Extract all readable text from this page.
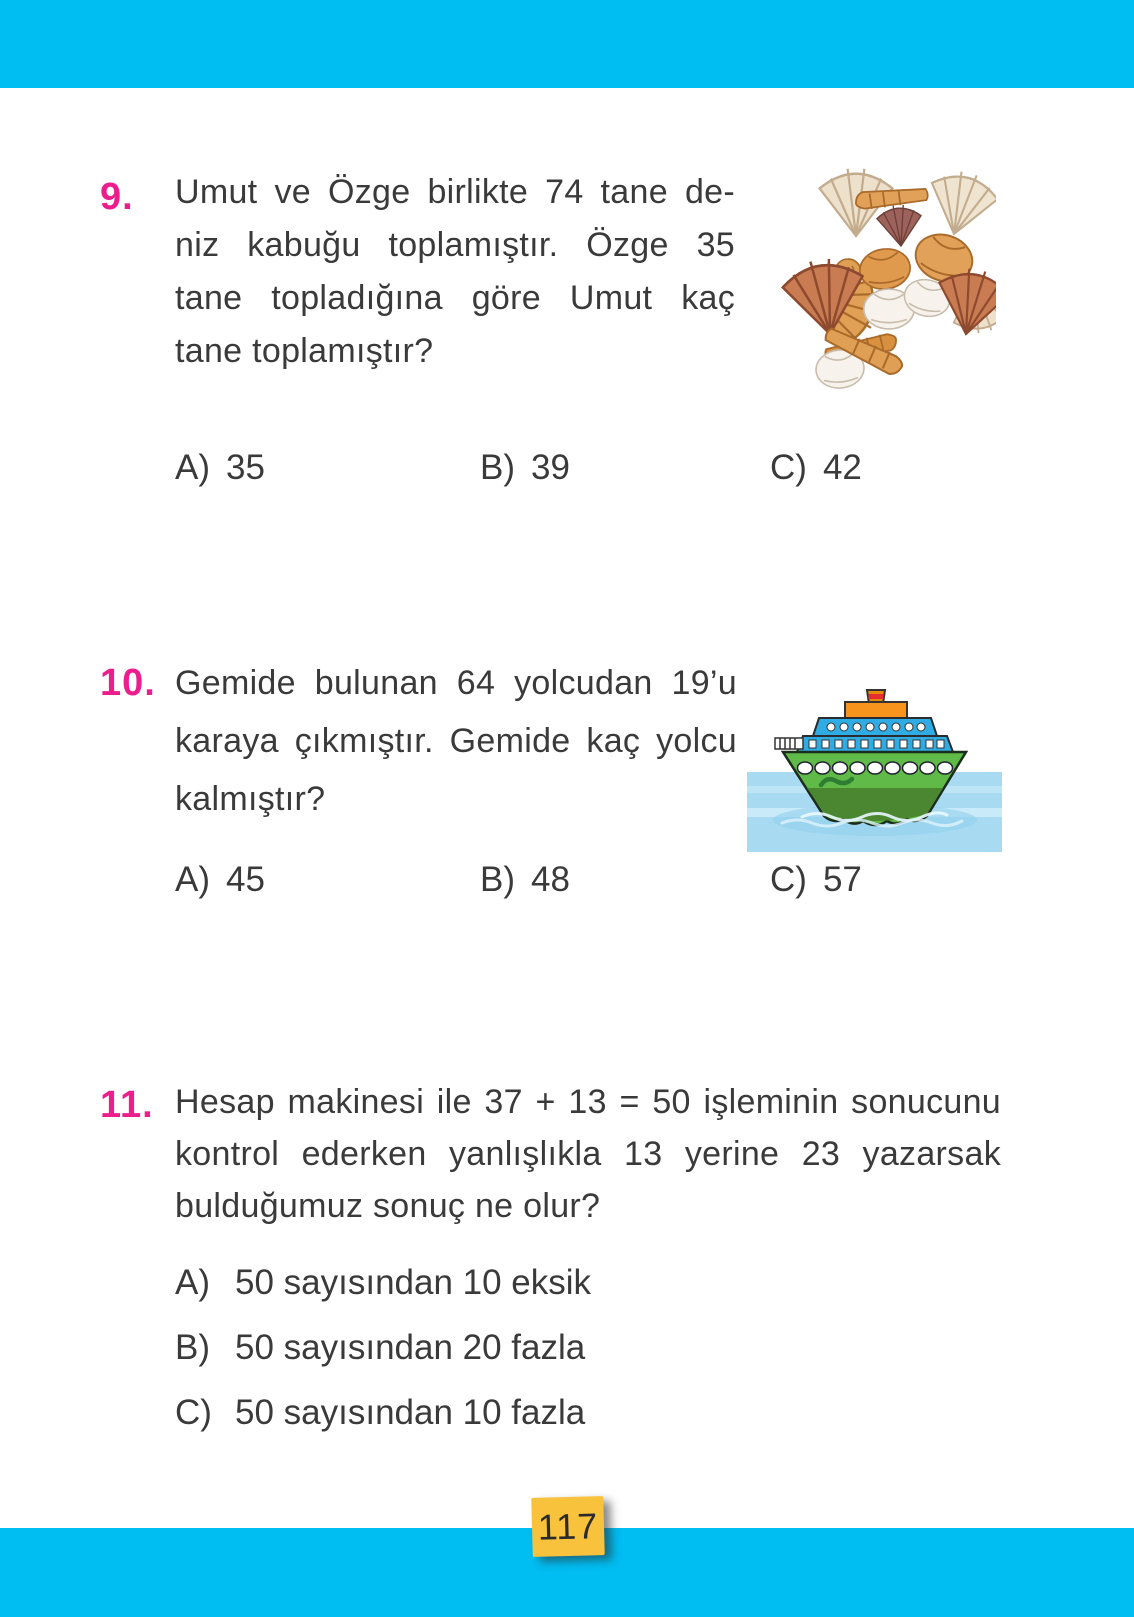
9. Umut ve Özge birlikte 74 tane de-
niz kabuğu toplamıştır. Özge 35
tane topladığına göre Umut kaç
tane toplamıştır?
A) 35	B) 39	C) 42
10. Gemide bulunan 64 yolcudan 19’u
karaya çıkmıştır. Gemide kaç yolcu
kalmıştır?
A) 45	B) 48	C) 57
11. Hesap makinesi ile 37 + 13 = 50 işleminin sonucunu
kontrol ederken yanlışlıkla 13 yerine 23 yazarsak
bulduğumuz sonuç ne olur?
A) 50 sayısından 10 eksik
B) 50 sayısından 20 fazla
C) 50 sayısından 10 fazla
117
